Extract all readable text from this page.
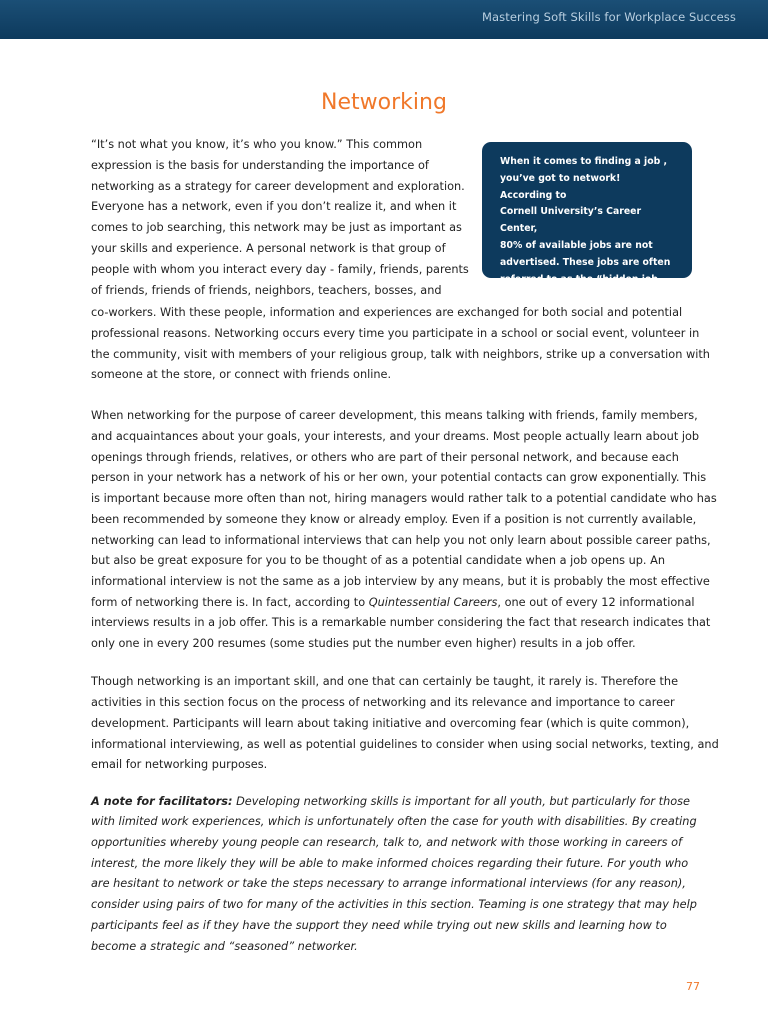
Mastering Soft Skills for Workplace Success
Networking
When it comes to finding a job ,
you’ve got to network! According to
Cornell University’s Career Center,
80% of available jobs are not
advertised. These jobs are often
referred to as the “hidden job
market.”
“It’s not what you know, it’s who you know.” This common
expression is the basis for understanding the importance of
networking as a strategy for career development and exploration.
Everyone has a network, even if you don’t realize it, and when it
comes to job searching, this network may be just as important as
your skills and experience. A personal network is that group of
people with whom you interact every day - family, friends, parents
of friends, friends of friends, neighbors, teachers, bosses, and
co-workers. With these people, information and experiences are exchanged for both social and potential
professional reasons. Networking occurs every time you participate in a school or social event, volunteer in
the community, visit with members of your religious group, talk with neighbors, strike up a conversation with
someone at the store, or connect with friends online.
When networking for the purpose of career development, this means talking with friends, family members,
and acquaintances about your goals, your interests, and your dreams. Most people actually learn about job
openings through friends, relatives, or others who are part of their personal network, and because each
person in your network has a network of his or her own, your potential contacts can grow exponentially. This
is important because more often than not, hiring managers would rather talk to a potential candidate who has
been recommended by someone they know or already employ. Even if a position is not currently available,
networking can lead to informational interviews that can help you not only learn about possible career paths,
but also be great exposure for you to be thought of as a potential candidate when a job opens up. An
informational interview is not the same as a job interview by any means, but it is probably the most effective
form of networking there is. In fact, according to Quintessential Careers, one out of every 12 informational
interviews results in a job offer. This is a remarkable number considering the fact that research indicates that
only one in every 200 resumes (some studies put the number even higher) results in a job offer.
Though networking is an important skill, and one that can certainly be taught, it rarely is. Therefore the
activities in this section focus on the process of networking and its relevance and importance to career
development. Participants will learn about taking initiative and overcoming fear (which is quite common),
informational interviewing, as well as potential guidelines to consider when using social networks, texting, and
email for networking purposes.
A note for facilitators: Developing networking skills is important for all youth, but particularly for those
with limited work experiences, which is unfortunately often the case for youth with disabilities. By creating
opportunities whereby young people can research, talk to, and network with those working in careers of
interest, the more likely they will be able to make informed choices regarding their future. For youth who
are hesitant to network or take the steps necessary to arrange informational interviews (for any reason),
consider using pairs of two for many of the activities in this section. Teaming is one strategy that may help
participants feel as if they have the support they need while trying out new skills and learning how to
become a strategic and “seasoned” networker.
77
